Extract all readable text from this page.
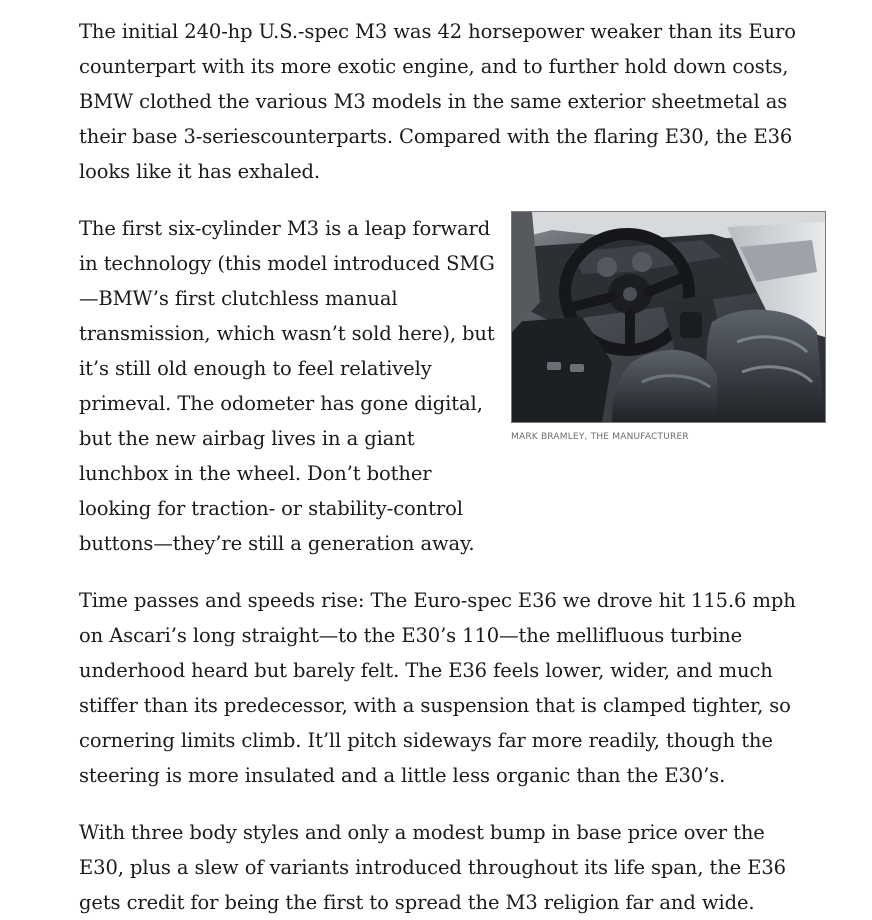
The initial 240-hp U.S.-spec M3 was 42 horsepower weaker than its Euro counterpart with its more exotic engine, and to further hold down costs, BMW clothed the various M3 models in the same exterior sheetmetal as their base 3-seriescounterparts. Compared with the flaring E30, the E36 looks like it has exhaled.

The first six-cylinder M3 is a leap forward in technology (this model introduced SMG—BMW’s first clutchless manual transmission, which wasn’t sold here), but it’s still old enough to feel relatively primeval. The odometer has gone digital, but the new airbag lives in a giant lunchbox in the wheel. Don’t bother looking for traction- or stability-control buttons—they’re still a generation away.

MARK BRAMLEY, THE MANUFACTURER

Time passes and speeds rise: The Euro-spec E36 we drove hit 115.6 mph on Ascari’s long straight—to the E30’s 110—the mellifluous turbine underhood heard but barely felt. The E36 feels lower, wider, and much stiffer than its predecessor, with a suspension that is clamped tighter, so cornering limits climb. It’ll pitch sideways far more readily, though the steering is more insulated and a little less organic than the E30’s.

With three body styles and only a modest bump in base price over the E30, plus a slew of variants introduced throughout its life span, the E36 gets credit for being the first to spread the M3 religion far and wide.
